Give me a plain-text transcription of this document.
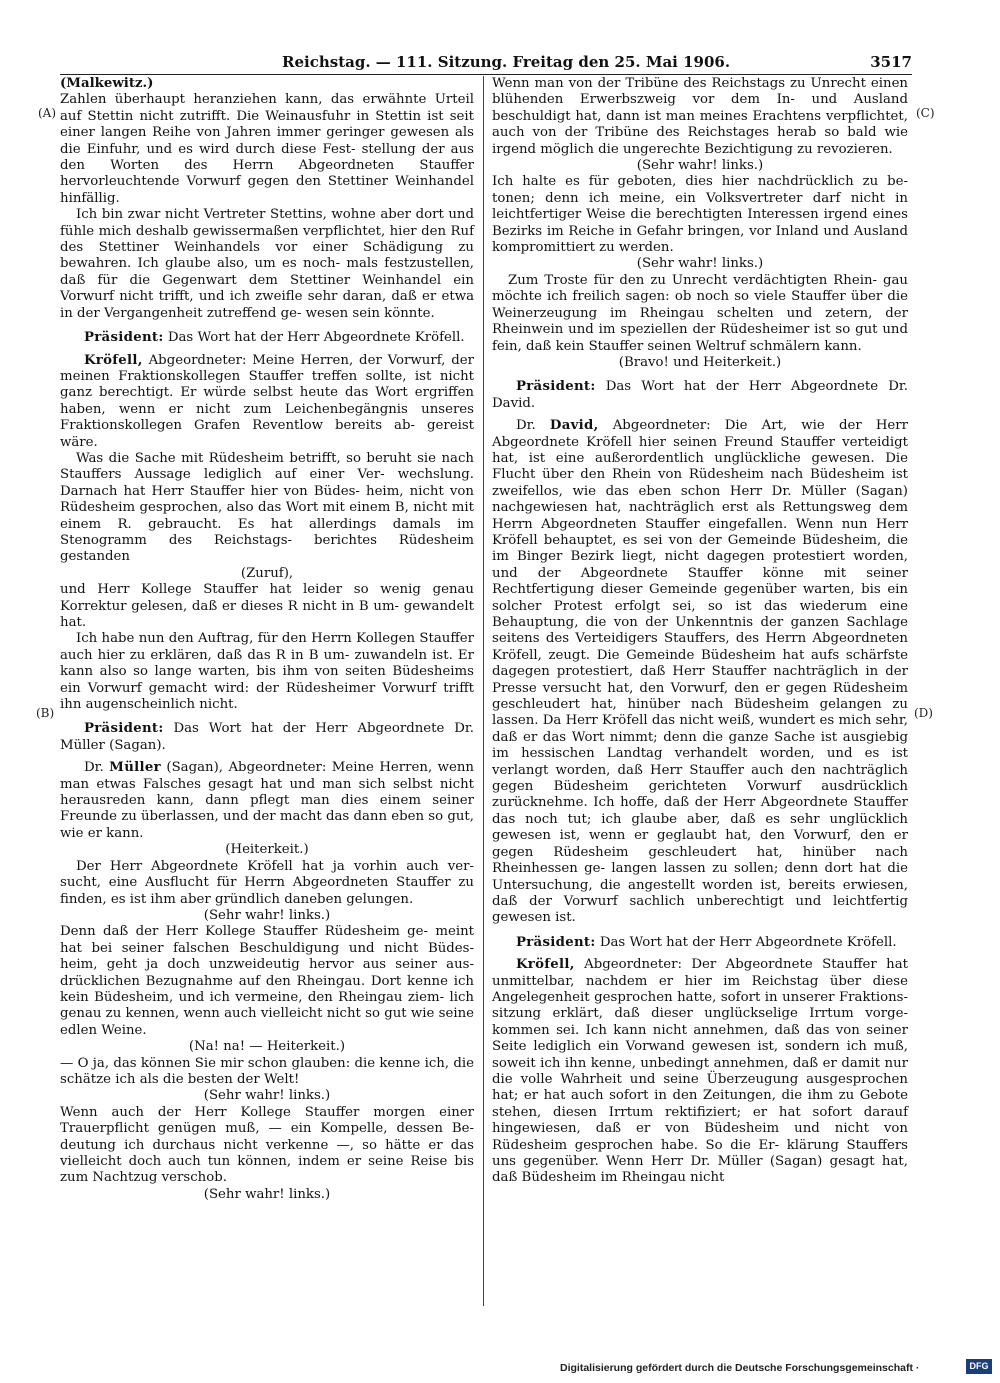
Reichstag. — 111. Sitzung. Freitag den 25. Mai 1906.	3517
(A)
(B)
(C)
(D)

(Malkewitz.)

Zahlen überhaupt heranziehen kann, das erwähnte Urteil auf Stettin nicht zutrifft. Die Weinausfuhr in Stettin ist seit einer langen Reihe von Jahren immer geringer gewesen als die Einfuhr, und es wird durch diese Fest- stellung der aus den Worten des Herrn Abgeordneten Stauffer hervorleuchtende Vorwurf gegen den Stettiner Weinhandel hinfällig.

Ich bin zwar nicht Vertreter Stettins, wohne aber dort und fühle mich deshalb gewissermaßen verpflichtet, hier den Ruf des Stettiner Weinhandels vor einer Schädigung zu bewahren. Ich glaube also, um es noch- mals festzustellen, daß für die Gegenwart dem Stettiner Weinhandel ein Vorwurf nicht trifft, und ich zweifle sehr daran, daß er etwa in der Vergangenheit zutreffend ge- wesen sein könnte.

Präsident: Das Wort hat der Herr Abgeordnete Kröfell.

Kröfell, Abgeordneter: Meine Herren, der Vorwurf, der meinen Fraktionskollegen Stauffer treffen sollte, ist nicht ganz berechtigt. Er würde selbst heute das Wort ergriffen haben, wenn er nicht zum Leichenbegängnis unseres Fraktionskollegen Grafen Reventlow bereits ab- gereist wäre.

Was die Sache mit Rüdesheim betrifft, so beruht sie nach Stauffers Aussage lediglich auf einer Ver- wechslung. Darnach hat Herr Stauffer hier von Büdes- heim, nicht von Rüdesheim gesprochen, also das Wort mit einem B, nicht mit einem R. gebraucht. Es hat allerdings damals im Stenogramm des Reichstags- berichtes Rüdesheim gestanden

(Zuruf),

und Herr Kollege Stauffer hat leider so wenig genau Korrektur gelesen, daß er dieses R nicht in B um- gewandelt hat.

Ich habe nun den Auftrag, für den Herrn Kollegen Stauffer auch hier zu erklären, daß das R in B um- zuwandeln ist. Er kann also so lange warten, bis ihm von seiten Büdesheims ein Vorwurf gemacht wird: der Rüdesheimer Vorwurf trifft ihn augenscheinlich nicht.

Präsident: Das Wort hat der Herr Abgeordnete Dr. Müller (Sagan).

Dr. Müller (Sagan), Abgeordneter: Meine Herren, wenn man etwas Falsches gesagt hat und man sich selbst nicht herausreden kann, dann pflegt man dies einem seiner Freunde zu überlassen, und der macht das dann eben so gut, wie er kann.

(Heiterkeit.)

Der Herr Abgeordnete Kröfell hat ja vorhin auch ver- sucht, eine Ausflucht für Herrn Abgeordneten Stauffer zu finden, es ist ihm aber gründlich daneben gelungen.

(Sehr wahr! links.)

Denn daß der Herr Kollege Stauffer Rüdesheim ge- meint hat bei seiner falschen Beschuldigung und nicht Büdes- heim, geht ja doch unzweideutig hervor aus seiner aus- drücklichen Bezugnahme auf den Rheingau. Dort kenne ich kein Büdesheim, und ich vermeine, den Rheingau ziem- lich genau zu kennen, wenn auch vielleicht nicht so gut wie seine edlen Weine.

(Na! na! — Heiterkeit.)

— O ja, das können Sie mir schon glauben: die kenne ich, die schätze ich als die besten der Welt!

(Sehr wahr! links.)

Wenn auch der Herr Kollege Stauffer morgen einer Trauerpflicht genügen muß, — ein Kompelle, dessen Be- deutung ich durchaus nicht verkenne —, so hätte er das vielleicht doch auch tun können, indem er seine Reise bis zum Nachtzug verschob.

(Sehr wahr! links.)

Wenn man von der Tribüne des Reichstags zu Unrecht einen blühenden Erwerbszweig vor dem In- und Ausland beschuldigt hat, dann ist man meines Erachtens verpflichtet, auch von der Tribüne des Reichstages herab so bald wie irgend möglich die ungerechte Bezichtigung zu revozieren.

(Sehr wahr! links.)

Ich halte es für geboten, dies hier nachdrücklich zu be- tonen; denn ich meine, ein Volksvertreter darf nicht in leichtfertiger Weise die berechtigten Interessen irgend eines Bezirks im Reiche in Gefahr bringen, vor Inland und Ausland kompromittiert zu werden.

(Sehr wahr! links.)

Zum Troste für den zu Unrecht verdächtigten Rhein- gau möchte ich freilich sagen: ob noch so viele Stauffer über die Weinerzeugung im Rheingau schelten und zetern, der Rheinwein und im speziellen der Rüdesheimer ist so gut und fein, daß kein Stauffer seinen Weltruf schmälern kann.

(Bravo! und Heiterkeit.)

Präsident: Das Wort hat der Herr Abgeordnete Dr. David.

Dr. David, Abgeordneter: Die Art, wie der Herr Abgeordnete Kröfell hier seinen Freund Stauffer verteidigt hat, ist eine außerordentlich unglückliche gewesen. Die Flucht über den Rhein von Rüdesheim nach Büdesheim ist zweifellos, wie das eben schon Herr Dr. Müller (Sagan) nachgewiesen hat, nachträglich erst als Rettungsweg dem Herrn Abgeordneten Stauffer eingefallen. Wenn nun Herr Kröfell behauptet, es sei von der Gemeinde Büdesheim, die im Binger Bezirk liegt, nicht dagegen protestiert worden, und der Abgeordnete Stauffer könne mit seiner Rechtfertigung dieser Gemeinde gegenüber warten, bis ein solcher Protest erfolgt sei, so ist das wiederum eine Behauptung, die von der Unkenntnis der ganzen Sachlage seitens des Verteidigers Stauffers, des Herrn Abgeordneten Kröfell, zeugt. Die Gemeinde Büdesheim hat aufs schärfste dagegen protestiert, daß Herr Stauffer nachträglich in der Presse versucht hat, den Vorwurf, den er gegen Rüdesheim geschleudert hat, hinüber nach Büdesheim gelangen zu lassen. Da Herr Kröfell das nicht weiß, wundert es mich sehr, daß er das Wort nimmt; denn die ganze Sache ist ausgiebig im hessischen Landtag verhandelt worden, und es ist verlangt worden, daß Herr Stauffer auch den nachträglich gegen Büdesheim gerichteten Vorwurf ausdrücklich zurücknehme. Ich hoffe, daß der Herr Abgeordnete Stauffer das noch tut; ich glaube aber, daß es sehr unglücklich gewesen ist, wenn er geglaubt hat, den Vorwurf, den er gegen Rüdesheim geschleudert hat, hinüber nach Rheinhessen ge- langen lassen zu sollen; denn dort hat die Untersuchung, die angestellt worden ist, bereits erwiesen, daß der Vorwurf sachlich unberechtigt und leichtfertig gewesen ist.

Präsident: Das Wort hat der Herr Abgeordnete Kröfell.

Kröfell, Abgeordneter: Der Abgeordnete Stauffer hat unmittelbar, nachdem er hier im Reichstag über diese Angelegenheit gesprochen hatte, sofort in unserer Fraktions- sitzung erklärt, daß dieser unglückselige Irrtum vorge- kommen sei. Ich kann nicht annehmen, daß das von seiner Seite lediglich ein Vorwand gewesen ist, sondern ich muß, soweit ich ihn kenne, unbedingt annehmen, daß er damit nur die volle Wahrheit und seine Überzeugung ausgesprochen hat; er hat auch sofort in den Zeitungen, die ihm zu Gebote stehen, diesen Irrtum rektifiziert; er hat sofort darauf hingewiesen, daß er von Büdesheim und nicht von Rüdesheim gesprochen habe. So die Er- klärung Stauffers uns gegenüber. Wenn Herr Dr. Müller (Sagan) gesagt hat, daß Büdesheim im Rheingau nicht

Digitalisierung gefördert durch die Deutsche Forschungsgemeinschaft ·	DFG
